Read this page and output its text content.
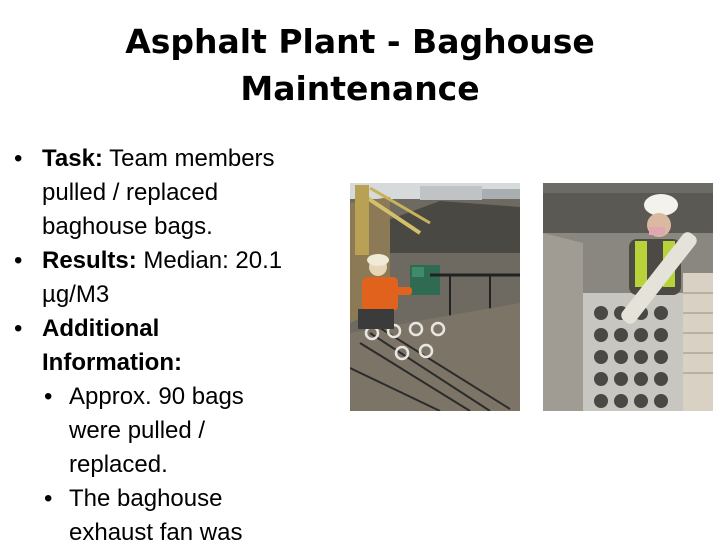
Asphalt Plant - Baghouse
Maintenance
• Task: Team members
pulled / replaced
baghouse bags.
• Results: Median: 20.1
µg/M3
• Additional
Information:
• Approx. 90 bags
were pulled /
replaced.
• The baghouse
exhaust fan was
